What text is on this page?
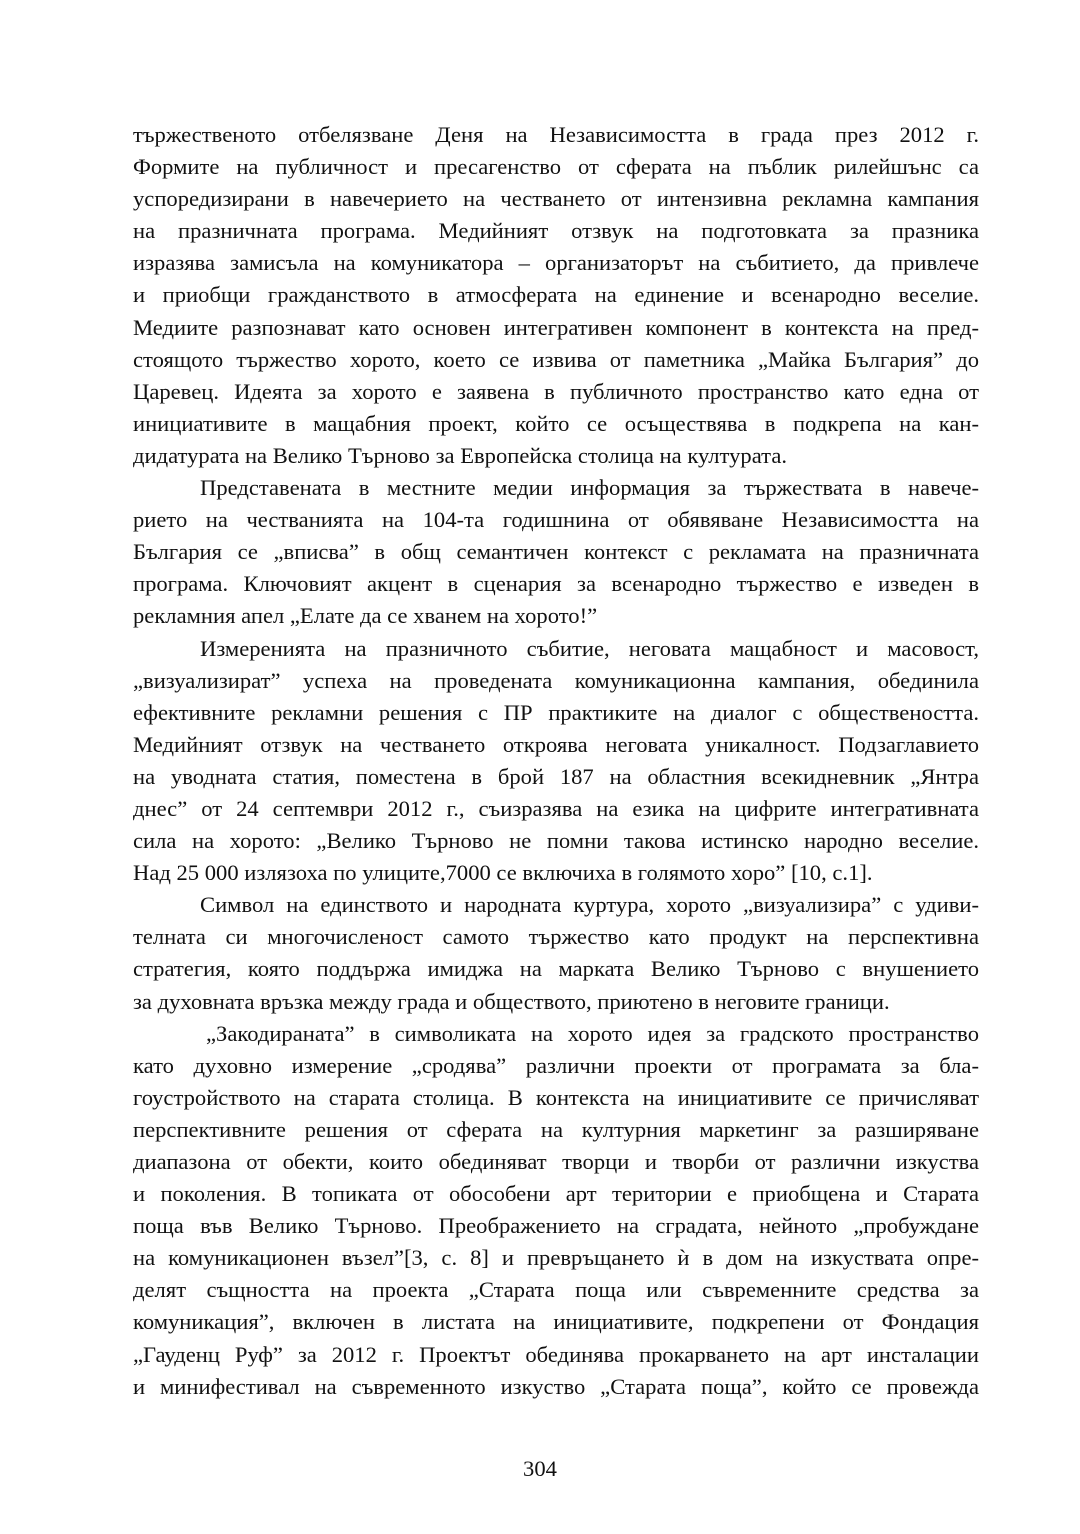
тържественото отбелязване Деня на Независимостта в града през 2012 г.
Формите на публичност и пресагенство от сферата на пъблик рилейшънс са
успоредизирани в навечерието на честването от интензивна рекламна кампания
на празничната програма. Медийният отзвук на подготовката за празника
изразява замисъла на комуникатора – организаторът на събитието, да привлече
и приобщи гражданството в атмосферата на единение и всенародно веселие.
Медиите разпознават като основен интегративен компонент в контекста на пред-
стоящото тържество хорото, което се извива от паметника „Майка България” до
Царевец. Идеята за хорото е заявена в публичното пространство като една от
инициативите в мащабния проект, който се осъществява в подкрепа на кан-
дидатурата на Велико Търново за Европейска столица на културата.
Представената в местните медии информация за тържествата в навече-
рието на честванията на 104-та годишнина от обявяване Независимостта на
България се „вписва” в общ семантичен контекст с рекламата на празничната
програма. Ключовият акцент в сценария за всенародно тържество е изведен в
рекламния апел „Елате да се хванем на хорото!”
Измеренията на празничното събитие, неговата мащабност и масовост,
„визуализират” успеха на проведената комуникационна кампания, обединила
ефективните рекламни решения с ПР практиките на диалог с обществеността.
Медийният отзвук на честването откроява неговата уникалност. Подзаглавието
на уводната статия, поместена в брой 187 на областния всекидневник „Янтра
днес” от 24 септември 2012 г., съизразява на езика на цифрите интегративната
сила на хорото: „Велико Търново не помни такова истинско народно веселие.
Над 25 000 излязоха по улиците,7000 се включиха в голямото хоро” [10, с.1].
Символ на единството и народната куртура, хорото „визуализира” с удиви-
телната си многочисленост самото тържество като продукт на перспективна
стратегия, която поддържа имиджа на марката Велико Търново с внушението
за духовната връзка между града и обществото, приютено в неговите граници.
„Закодираната” в символиката на хорото идея за градското пространство
като духовно измерение „сродява” различни проекти от програмата за бла-
гоустройството на старата столица. В контекста на инициативите се причисляват
перспективните решения от сферата на културния маркетинг за разширяване
диапазона от обекти, които обединяват творци и творби от различни изкуства
и поколения. В топиката от обособени арт територии е приобщена и Старата
поща във Велико Търново. Преображението на сградата, нейното „пробуждане
на комуникационен възел”[3, с. 8] и превръщането ѝ в дом на изкуствата опре-
делят същността на проекта „Старата поща или съвременните средства за
комуникация”, включен в листата на инициативите, подкрепени от Фондация
„Гауденц Руф” за 2012 г. Проектът обединява прокарването на арт инсталации
и минифестивал на съвременното изкуство „Старата поща”, който се провежда
304
